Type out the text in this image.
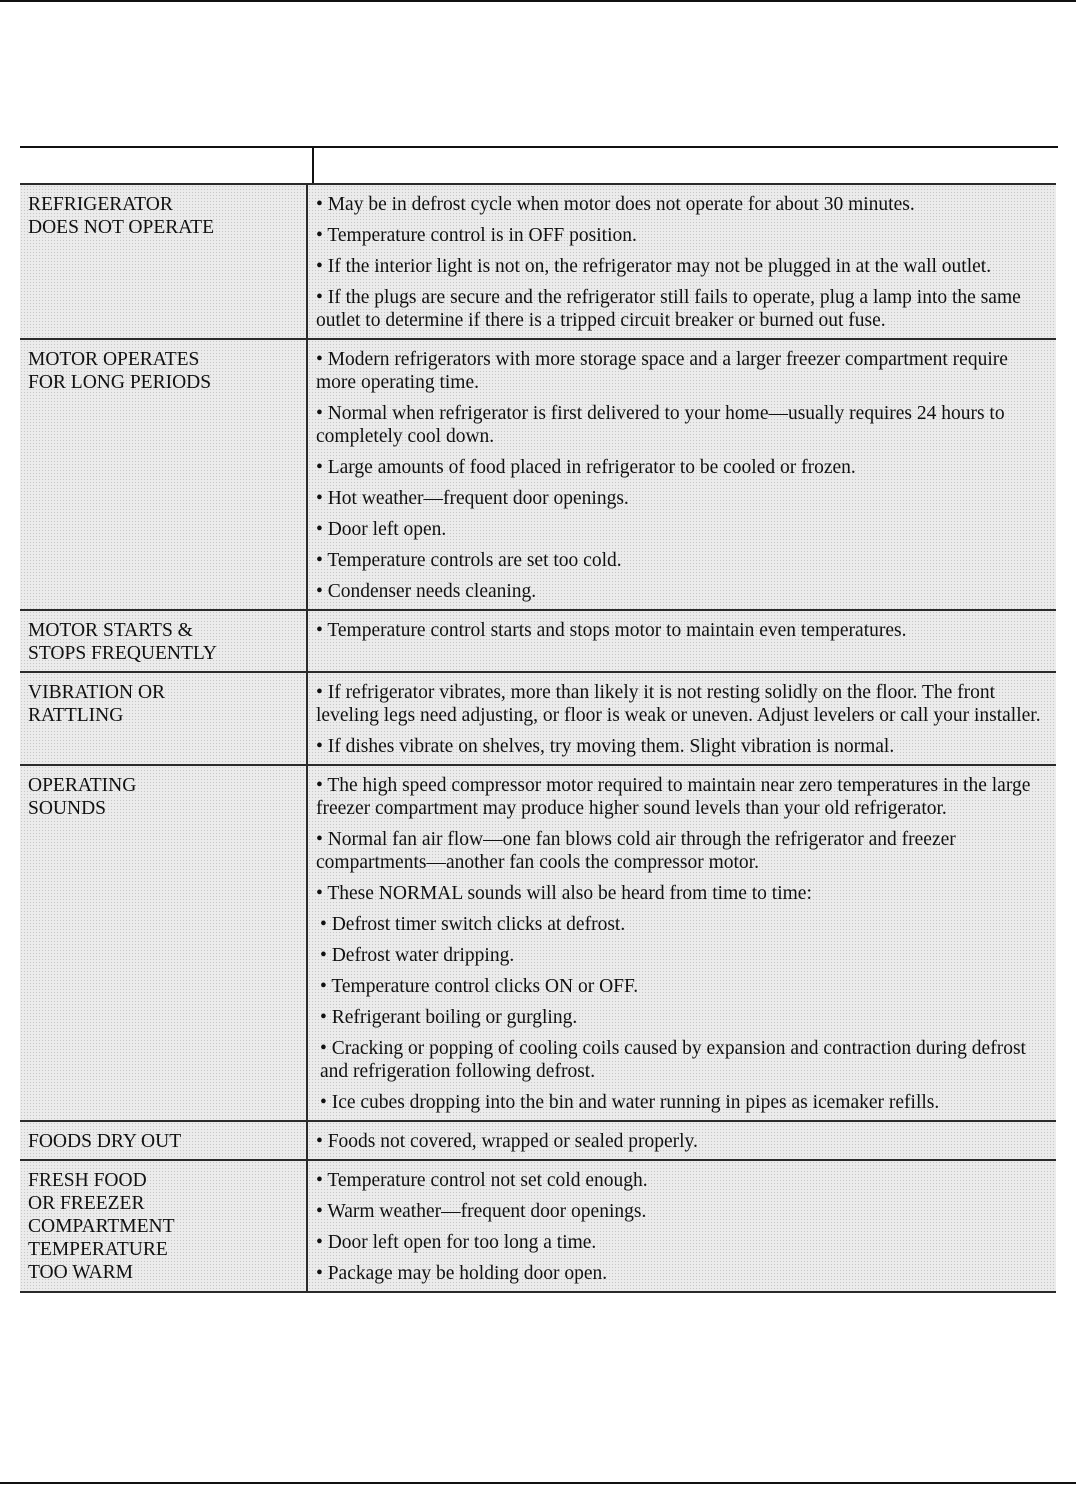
REFRIGERATOR
DOES NOT OPERATE
• May be in defrost cycle when motor does not operate for about 30 minutes.
• Temperature control is in OFF position.
• If the interior light is not on, the refrigerator may not be plugged in at the wall outlet.
• If the plugs are secure and the refrigerator still fails to operate, plug a lamp into the same outlet to determine if there is a tripped circuit breaker or burned out fuse.
MOTOR OPERATES
FOR LONG PERIODS
• Modern refrigerators with more storage space and a larger freezer compartment require more operating time.
• Normal when refrigerator is first delivered to your home—usually requires 24 hours to completely cool down.
• Large amounts of food placed in refrigerator to be cooled or frozen.
• Hot weather—frequent door openings.
• Door left open.
• Temperature controls are set too cold.
• Condenser needs cleaning.
MOTOR STARTS &
STOPS FREQUENTLY
• Temperature control starts and stops motor to maintain even temperatures.
VIBRATION OR
RATTLING
• If refrigerator vibrates, more than likely it is not resting solidly on the floor. The front leveling legs need adjusting, or floor is weak or uneven. Adjust levelers or call your installer.
• If dishes vibrate on shelves, try moving them. Slight vibration is normal.
OPERATING
SOUNDS
• The high speed compressor motor required to maintain near zero temperatures in the large freezer compartment may produce higher sound levels than your old refrigerator.
• Normal fan air flow—one fan blows cold air through the refrigerator and freezer compartments—another fan cools the compressor motor.
• These NORMAL sounds will also be heard from time to time:
• Defrost timer switch clicks at defrost.
• Defrost water dripping.
• Temperature control clicks ON or OFF.
• Refrigerant boiling or gurgling.
• Cracking or popping of cooling coils caused by expansion and contraction during defrost and refrigeration following defrost.
• Ice cubes dropping into the bin and water running in pipes as icemaker refills.
FOODS DRY OUT	• Foods not covered, wrapped or sealed properly.
FRESH FOOD
OR FREEZER
COMPARTMENT
TEMPERATURE
TOO WARM
• Temperature control not set cold enough.
• Warm weather—frequent door openings.
• Door left open for too long a time.
• Package may be holding door open.
